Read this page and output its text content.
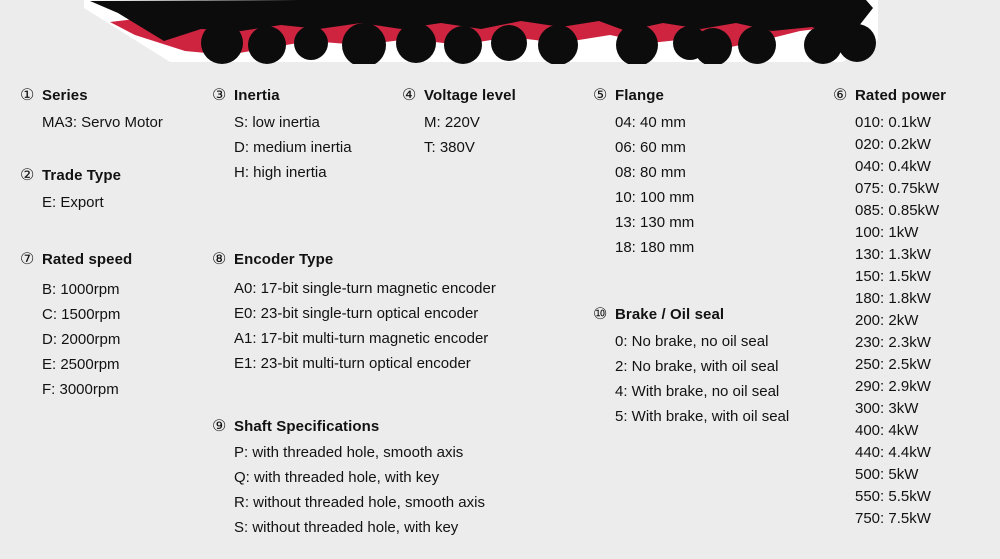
① Series
MA3: Servo Motor
② Trade Type
E: Export
⑦ Rated speed
B: 1000rpm
C: 1500rpm
D: 2000rpm
E: 2500rpm
F: 3000rpm
③ Inertia
S: low inertia
D: medium inertia
H: high inertia
⑧ Encoder Type
A0: 17-bit single-turn magnetic encoder
E0: 23-bit single-turn optical encoder
A1: 17-bit multi-turn magnetic encoder
E1: 23-bit multi-turn optical encoder
⑨ Shaft Specifications
P: with threaded hole, smooth axis
Q: with threaded hole, with key
R: without threaded hole, smooth axis
S: without threaded hole, with key
④ Voltage level
M: 220V
T: 380V
⑤ Flange
04: 40 mm
06: 60 mm
08: 80 mm
10: 100 mm
13: 130 mm
18: 180 mm
⑩ Brake / Oil seal
0: No brake, no oil seal
2: No brake, with oil seal
4: With brake, no oil seal
5: With brake, with oil seal
⑥ Rated power
010: 0.1kW
020: 0.2kW
040: 0.4kW
075: 0.75kW
085: 0.85kW
100: 1kW
130: 1.3kW
150: 1.5kW
180: 1.8kW
200: 2kW
230: 2.3kW
250: 2.5kW
290: 2.9kW
300: 3kW
400: 4kW
440: 4.4kW
500: 5kW
550: 5.5kW
750: 7.5kW
